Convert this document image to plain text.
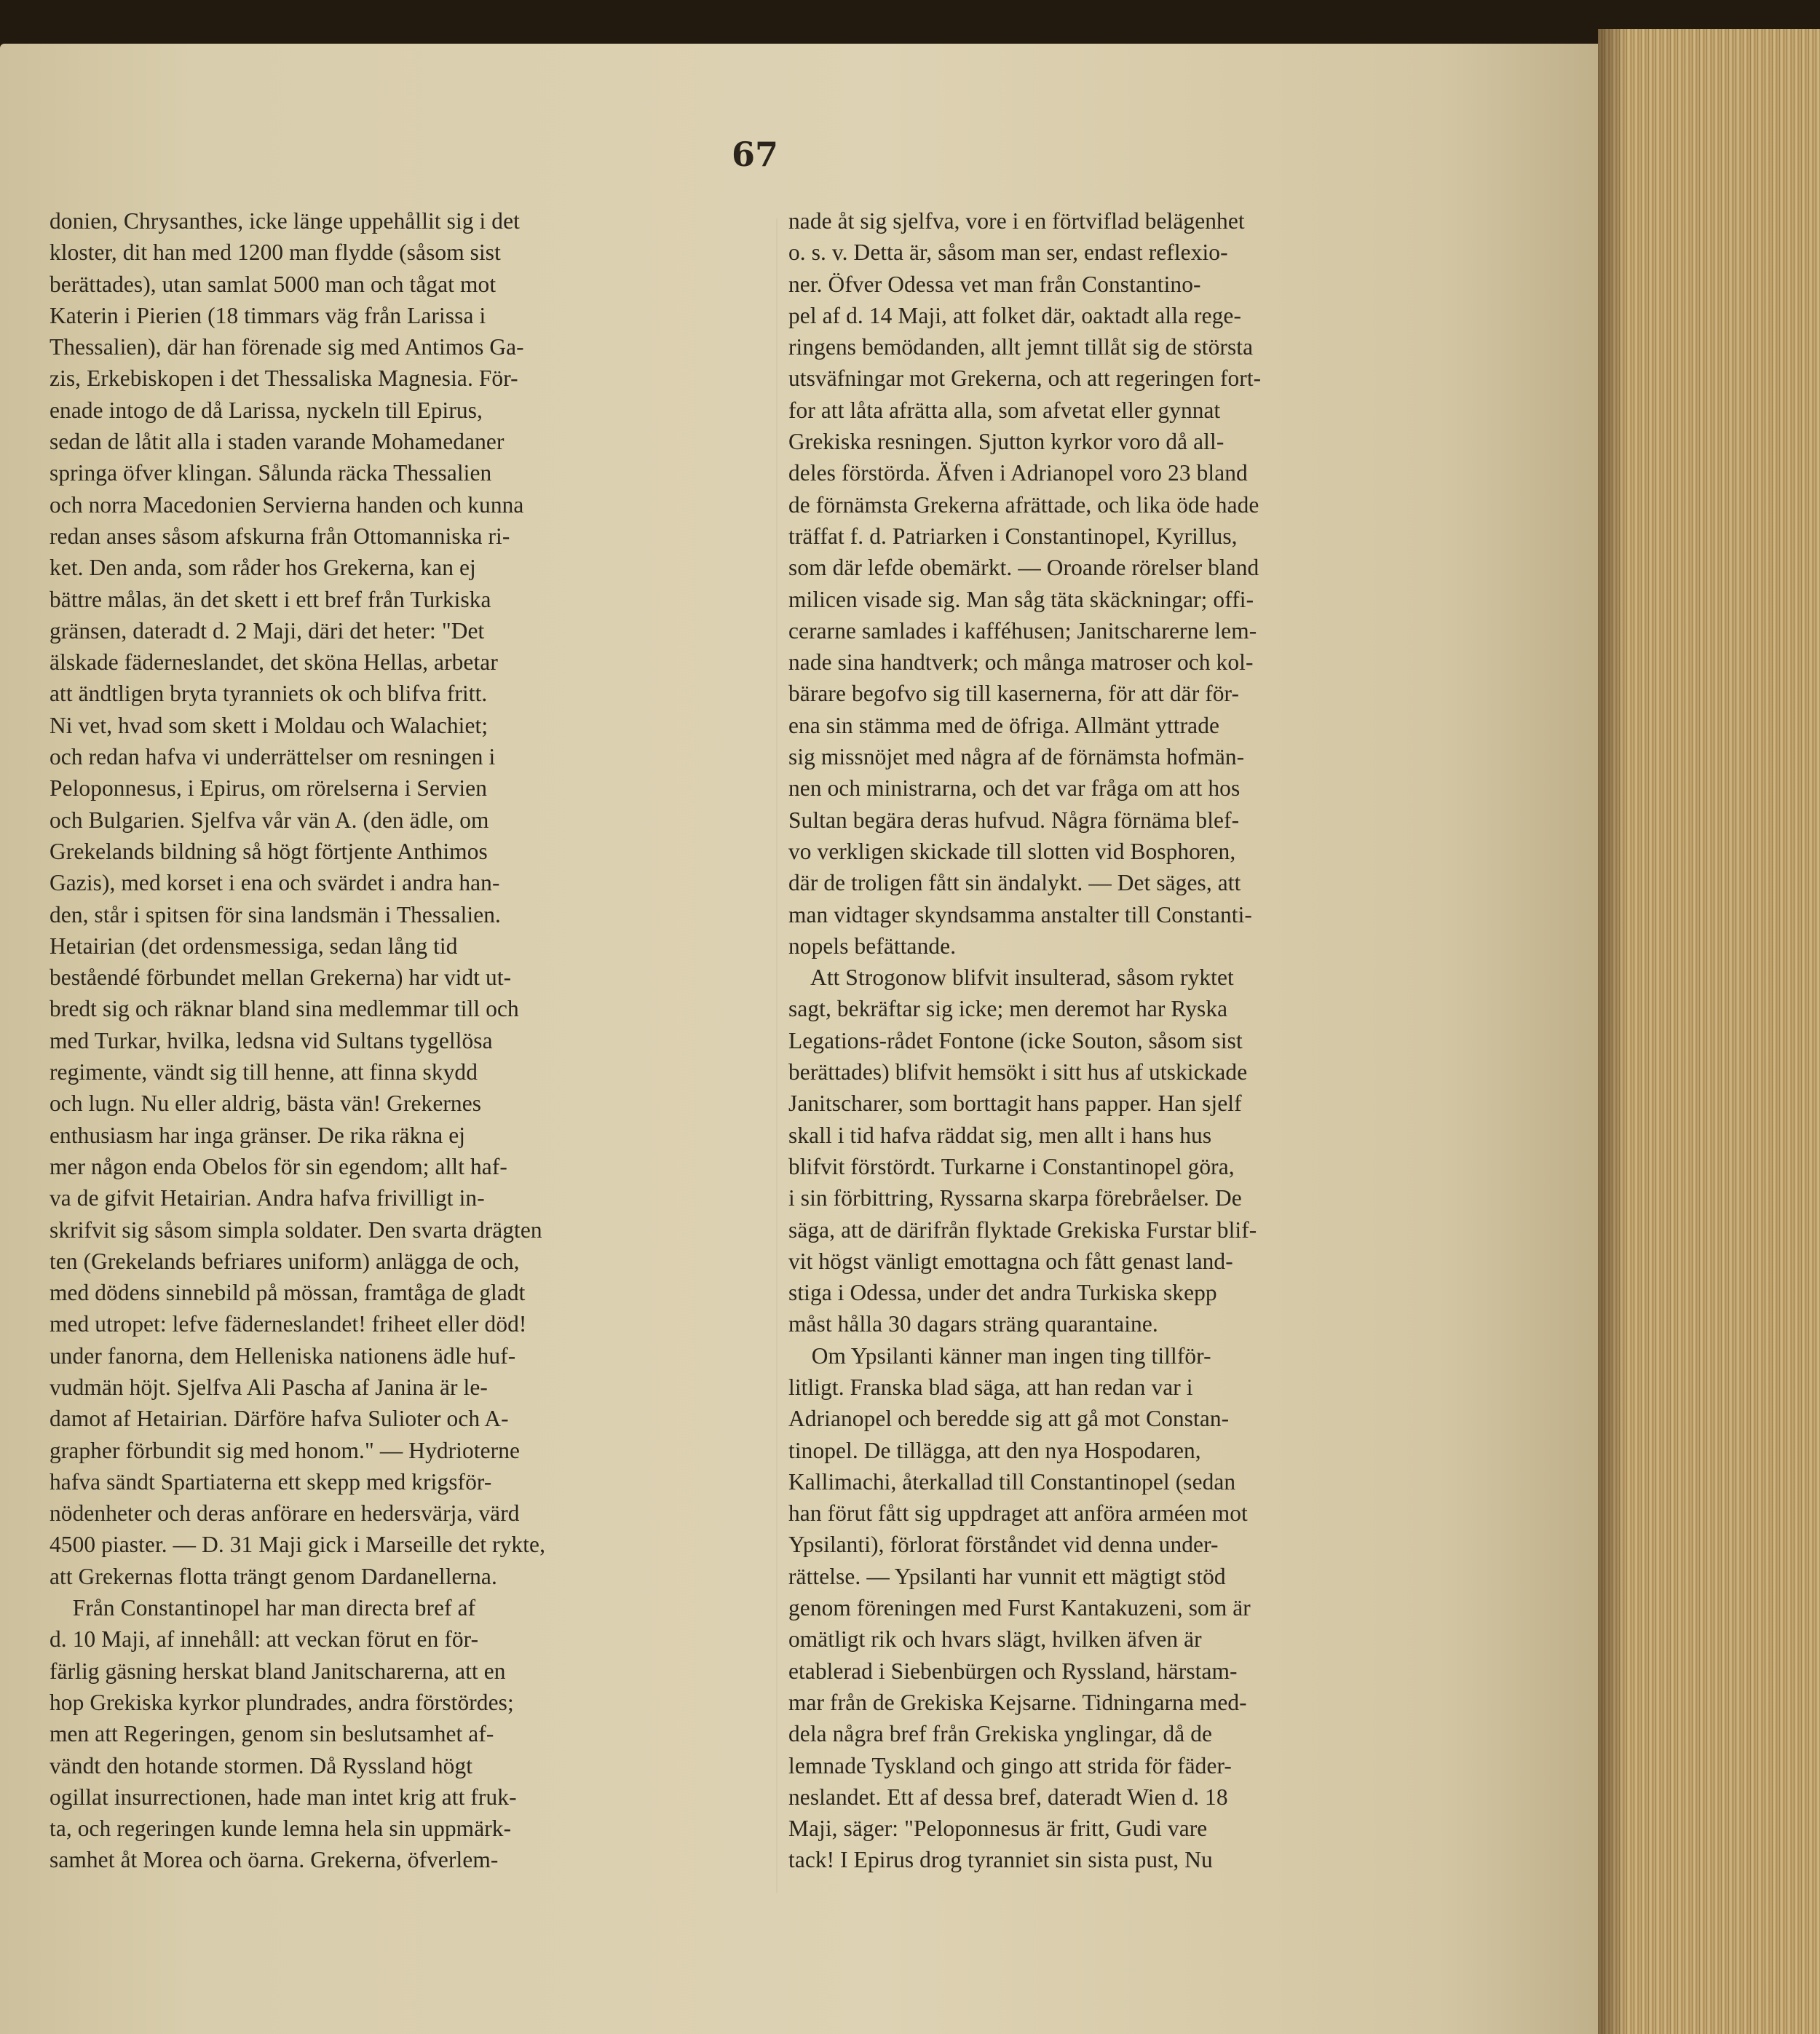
67
donien, Chrysanthes, icke länge uppehållit sig i det
kloster, dit han med 1200 man flydde (såsom sist
berättades), utan samlat 5000 man och tågat mot
Katerin i Pierien (18 timmars väg från Larissa i
Thessalien), där han förenade sig med Antimos Ga-
zis, Erkebiskopen i det Thessaliska Magnesia. För-
enade intogo de då Larissa, nyckeln till Epirus,
sedan de låtit alla i staden varande Mohamedaner
springa öfver klingan. Sålunda räcka Thessalien
och norra Macedonien Servierna handen och kunna
redan anses såsom afskurna från Ottomanniska ri-
ket. Den anda, som råder hos Grekerna, kan ej
bättre målas, än det skett i ett bref från Turkiska
gränsen, dateradt d. 2 Maji, däri det heter: "Det
älskade fäderneslandet, det sköna Hellas, arbetar
att ändtligen bryta tyranniets ok och blifva fritt.
Ni vet, hvad som skett i Moldau och Walachiet;
och redan hafva vi underrättelser om resningen i
Peloponnesus, i Epirus, om rörelserna i Servien
och Bulgarien. Sjelfva vår vän A. (den ädle, om
Grekelands bildning så högt förtjente Anthimos
Gazis), med korset i ena och svärdet i andra han-
den, står i spitsen för sina landsmän i Thessalien.
Hetairian (det ordensmessiga, sedan lång tid
beståendé förbundet mellan Grekerna) har vidt ut-
bredt sig och räknar bland sina medlemmar till och
med Turkar, hvilka, ledsna vid Sultans tygellösa
regimente, vändt sig till henne, att finna skydd
och lugn. Nu eller aldrig, bästa vän! Grekernes
enthusiasm har inga gränser. De rika räkna ej
mer någon enda Obelos för sin egendom; allt haf-
va de gifvit Hetairian. Andra hafva frivilligt in-
skrifvit sig såsom simpla soldater. Den svarta drägten
ten (Grekelands befriares uniform) anlägga de och,
med dödens sinnebild på mössan, framtåga de gladt
med utropet: lefve fäderneslandet! friheet eller död!
under fanorna, dem Helleniska nationens ädle huf-
vudmän höjt. Sjelfva Ali Pascha af Janina är le-
damot af Hetairian. Därföre hafva Sulioter och A-
grapher förbundit sig med honom." — Hydrioterne
hafva sändt Spartiaterna ett skepp med krigsför-
nödenheter och deras anförare en hedersvärja, värd
4500 piaster. — D. 31 Maji gick i Marseille det rykte,
att Grekernas flotta trängt genom Dardanellerna.
Från Constantinopel har man directa bref af
d. 10 Maji, af innehåll: att veckan förut en för-
färlig gäsning herskat bland Janitscharerna, att en
hop Grekiska kyrkor plundrades, andra förstördes;
men att Regeringen, genom sin beslutsamhet af-
vändt den hotande stormen. Då Ryssland högt
ogillat insurrectionen, hade man intet krig att fruk-
ta, och regeringen kunde lemna hela sin uppmärk-
samhet åt Morea och öarna. Grekerna, öfverlem-
nade åt sig sjelfva, vore i en förtviflad belägenhet
o. s. v. Detta är, såsom man ser, endast reflexio-
ner. Öfver Odessa vet man från Constantino-
pel af d. 14 Maji, att folket där, oaktadt alla rege-
ringens bemödanden, allt jemnt tillåt sig de största
utsväfningar mot Grekerna, och att regeringen fort-
for att låta afrätta alla, som afvetat eller gynnat
Grekiska resningen. Sjutton kyrkor voro då all-
deles förstörda. Äfven i Adrianopel voro 23 bland
de förnämsta Grekerna afrättade, och lika öde hade
träffat f. d. Patriarken i Constantinopel, Kyrillus,
som där lefde obemärkt. — Oroande rörelser bland
milicen visade sig. Man såg täta skäckningar; offi-
cerarne samlades i kafféhusen; Janitscharerne lem-
nade sina handtverk; och många matroser och kol-
bärare begofvo sig till kasernerna, för att där för-
ena sin stämma med de öfriga. Allmänt yttrade
sig missnöjet med några af de förnämsta hofmän-
nen och ministrarna, och det var fråga om att hos
Sultan begära deras hufvud. Några förnäma blef-
vo verkligen skickade till slotten vid Bosphoren,
där de troligen fått sin ändalykt. — Det säges, att
man vidtager skyndsamma anstalter till Constanti-
nopels befättande.
Att Strogonow blifvit insulterad, såsom ryktet
sagt, bekräftar sig icke; men deremot har Ryska
Legations-rådet Fontone (icke Souton, såsom sist
berättades) blifvit hemsökt i sitt hus af utskickade
Janitscharer, som borttagit hans papper. Han sjelf
skall i tid hafva räddat sig, men allt i hans hus
blifvit förstördt. Turkarne i Constantinopel göra,
i sin förbittring, Ryssarna skarpa förebråelser. De
säga, att de därifrån flyktade Grekiska Furstar blif-
vit högst vänligt emottagna och fått genast land-
stiga i Odessa, under det andra Turkiska skepp
måst hålla 30 dagars sträng quarantaine.
Om Ypsilanti känner man ingen ting tillför-
litligt. Franska blad säga, att han redan var i
Adrianopel och beredde sig att gå mot Constan-
tinopel. De tillägga, att den nya Hospodaren,
Kallimachi, återkallad till Constantinopel (sedan
han förut fått sig uppdraget att anföra arméen mot
Ypsilanti), förlorat förståndet vid denna under-
rättelse. — Ypsilanti har vunnit ett mägtigt stöd
genom föreningen med Furst Kantakuzeni, som är
omätligt rik och hvars slägt, hvilken äfven är
etablerad i Siebenbürgen och Ryssland, härstam-
mar från de Grekiska Kejsarne. Tidningarna med-
dela några bref från Grekiska ynglingar, då de
lemnade Tyskland och gingo att strida för fäder-
neslandet. Ett af dessa bref, dateradt Wien d. 18
Maji, säger: "Peloponnesus är fritt, Gudi vare
tack! I Epirus drog tyranniet sin sista pust, Nu
